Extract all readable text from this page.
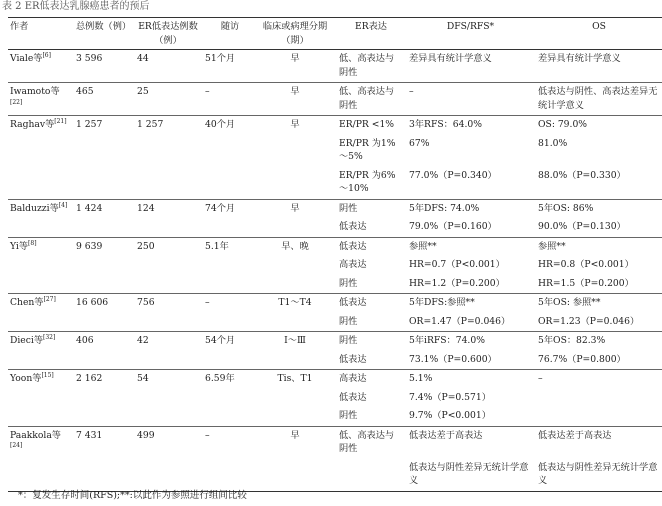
表 2 ER低表达乳腺癌患者的预后
作者	总例数（例）	ER低表达例数（例）	随访	临床或病理分期（期）	ER表达	DFS/RFS*	OS
Viale等[6]	3 596	44	51个月	早	低、高表达与阴性	差异具有统计学意义	差异具有统计学意义
Iwamoto等[22]	465	25	–	早	低、高表达与阴性	–	低表达与阴性、高表达差异无统计学意义
Raghav等[21]	1 257	1 257	40个月	早	ER/PR <1%	3年RFS：64.0%	OS: 79.0%
					ER/PR 为1%～5%	67%	81.0%
					ER/PR 为6%～10%	77.0%（P=0.340）	88.0%（P=0.330）
Balduzzi等[4]	1 424	124	74个月	早	阴性	5年DFS: 74.0%	5年OS: 86%
					低表达	79.0%（P=0.160）	90.0%（P=0.130）
Yi等[8]	9 639	250	5.1年	早、晚	低表达	参照**	参照**
					高表达	HR=0.7（P<0.001）	HR=0.8（P<0.001）
					阴性	HR=1.2（P=0.200）	HR=1.5（P=0.200）
Chen等[27]	16 606	756	–	T1～T4	低表达	5年DFS:参照**	5年OS: 参照**
					阴性	OR=1.47（P=0.046）	OR=1.23（P=0.046）
Dieci等[32]	406	42	54个月	Ⅰ～Ⅲ	阴性	5年iRFS：74.0%	5年OS：82.3%
					低表达	73.1%（P=0.600）	76.7%（P=0.800）
Yoon等[15]	2 162	54	6.59年	Tis、T1	高表达	5.1%	–
					低表达	7.4%（P=0.571）	
					阴性	9.7%（P<0.001）	
Paakkola等[24]	7 431	499	–	早	低、高表达与阴性	低表达差于高表达	低表达差于高表达
						低表达与阴性差异无统计学意义	低表达与阴性差异无统计学意义
*：复发生存时间(RFS);**:以此作为参照进行组间比较
